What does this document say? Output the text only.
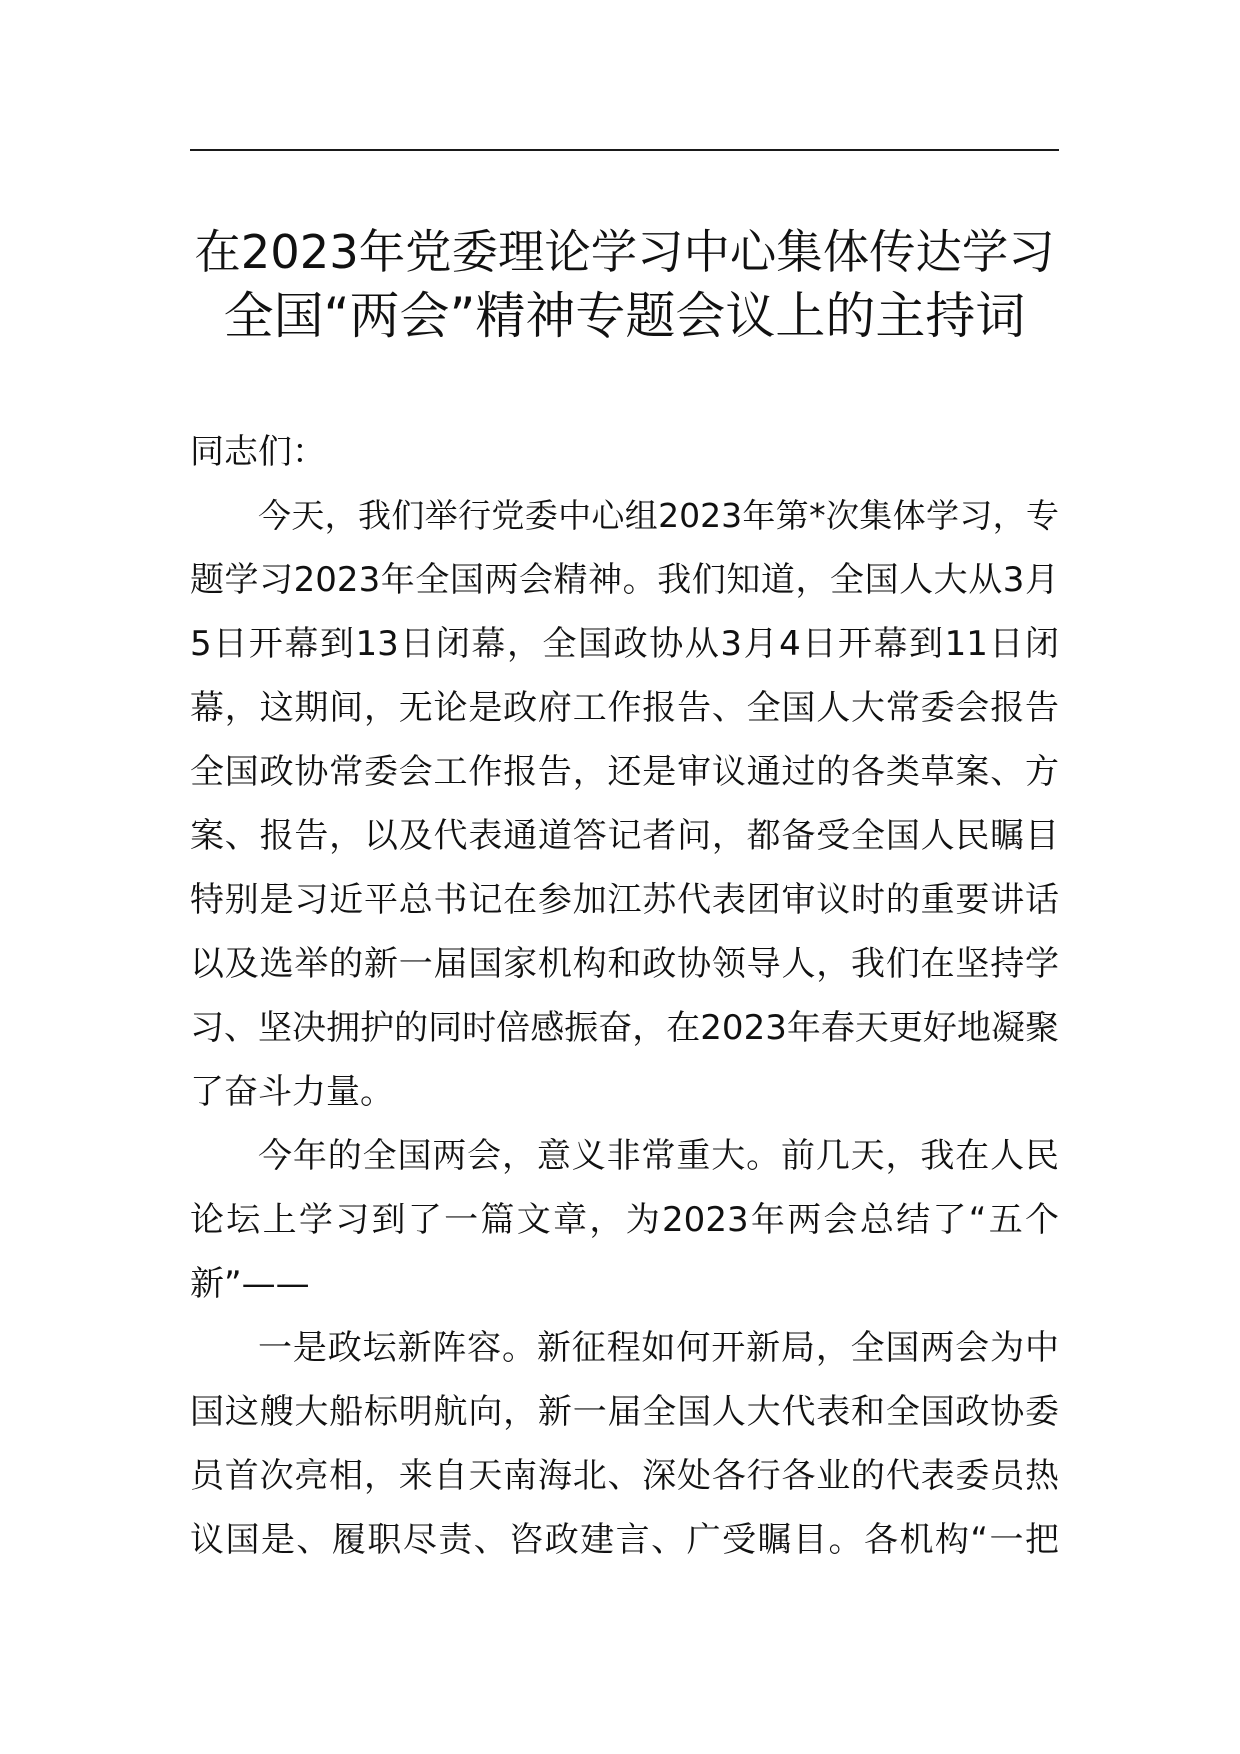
在2023年党委理论学习中心集体传达学习
全国“两会”精神专题会议上的主持词

同志们：

今天，我们举行党委中心组2023年第*次集体学习，专
题学习2023年全国两会精神。我们知道，全国人大从3月
5日开幕到13日闭幕，全国政协从3月4日开幕到11日闭
幕，这期间，无论是政府工作报告、全国人大常委会报告
全国政协常委会工作报告，还是审议通过的各类草案、方
案、报告，以及代表通道答记者问，都备受全国人民瞩目
特别是习近平总书记在参加江苏代表团审议时的重要讲话
以及选举的新一届国家机构和政协领导人，我们在坚持学
习、坚决拥护的同时倍感振奋，在2023年春天更好地凝聚
了奋斗力量。
今年的全国两会，意义非常重大。前几天，我在人民
论坛上学习到了一篇文章，为2023年两会总结了“五个
新”——
一是政坛新阵容。新征程如何开新局，全国两会为中
国这艘大船标明航向，新一届全国人大代表和全国政协委
员首次亮相，来自天南海北、深处各行各业的代表委员热
议国是、履职尽责、咨政建言、广受瞩目。各机构“一把
